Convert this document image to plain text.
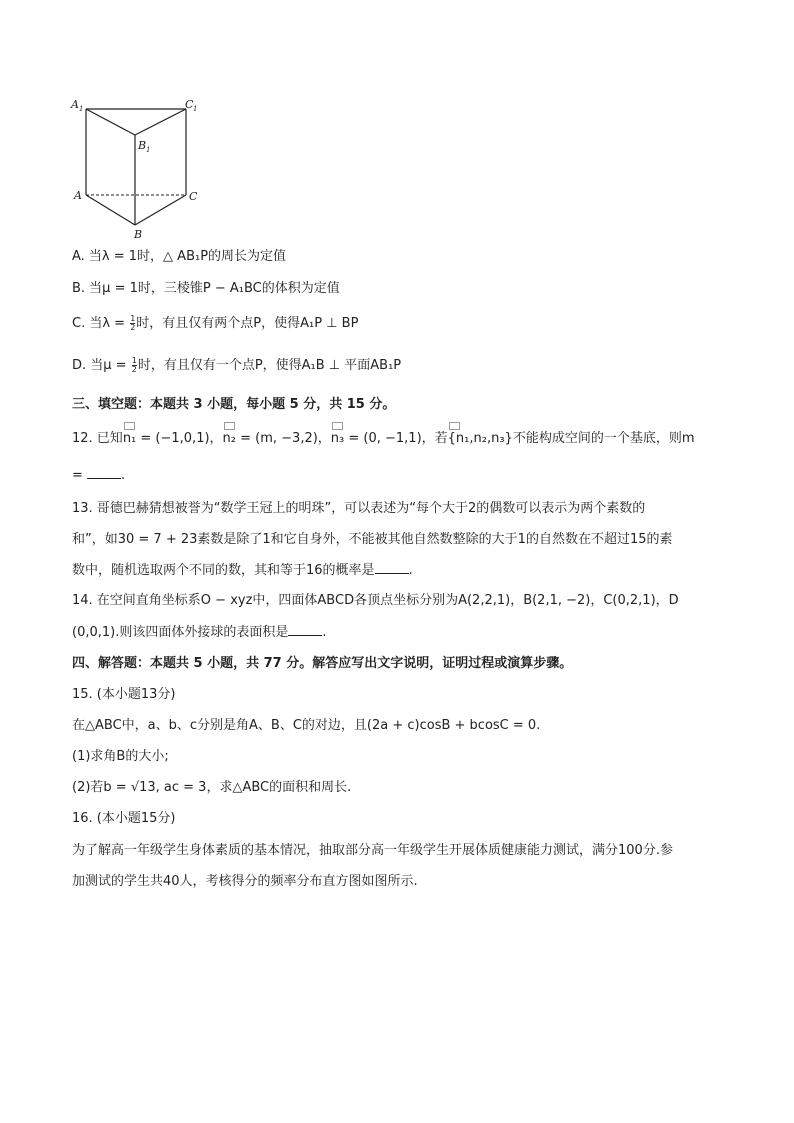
A 1	C 1
B 1
A	C
B
A. 当λ = 1时，△ AB₁P的周长为定值
B. 当μ = 1时，三棱锥P − A₁BC的体积为定值
C. 当$\lambda = \frac{1}{2}$ 时，有且仅有两个点P，使得A₁P ⊥ BP
D. 当$\mu = \frac{1}{2}$ 时，有且仅有一个点P，使得A₁B ⊥ 平面AB₁P
三、填空题：本题共 3 小题，每小题 5 分，共 15 分。
12. 已知n₁ = (−1,0,1)，n₂ = (m, −3,2)，n₃ = (0, −1,1)，若{n₁,n₂,n₃}不能构成空间的一个基底，则m
=	.
13. 哥德巴赫猜想被誉为“数学王冠上的明珠”，可以表述为“每个大于2的偶数可以表示为两个素数的
和”，如30 = 7 + 23素数是除了1和它自身外，不能被其他自然数整除的大于1的自然数在不超过15的素
数中，随机选取两个不同的数，其和等于16的概率是	.
14. 在空间直角坐标系O − xyz中，四面体ABCD各顶点坐标分别为A(2,2,1)，B(2,1, −2)，C(0,2,1)，D
(0,0,1).则该四面体外接球的表面积是	.
四、解答题：本题共 5 小题，共 77 分。解答应写出文字说明，证明过程或演算步骤。
15. (本小题13分)
在△ABC中，a、b、c分别是角A、B、C的对边，且(2a + c)cosB + bcosC = 0.
(1)求角B的大小;
(2)若b = √13, ac = 3，求△ABC的面积和周长.
16. (本小题15分)
为了解高一年级学生身体素质的基本情况，抽取部分高一年级学生开展体质健康能力测试，满分100分.参
加测试的学生共40人，考核得分的频率分布直方图如图所示.
